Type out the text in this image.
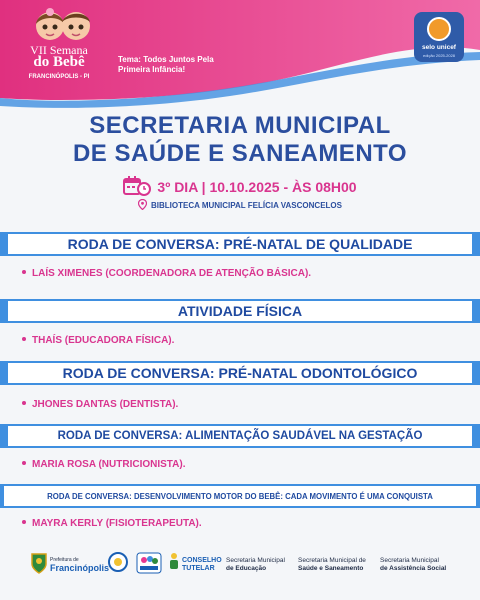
VII Semana
do Bebê
FRANCINÓPOLIS - PI
Tema: Todos Juntos Pela
Primeira Infância!
selo unicef
edição 2025-2028
SECRETARIA MUNICIPAL
DE SAÚDE E SANEAMENTO
3º DIA | 10.10.2025 - ÀS 08H00
BIBLIOTECA MUNICIPAL FELÍCIA VASCONCELOS
RODA DE CONVERSA: PRÉ-NATAL DE QUALIDADE
LAÍS XIMENES (COORDENADORA DE ATENÇÃO BÁSICA).
ATIVIDADE FÍSICA
THAÍS (EDUCADORA FÍSICA).
RODA DE CONVERSA: PRÉ-NATAL ODONTOLÓGICO
JHONES DANTAS (DENTISTA).
RODA DE CONVERSA: ALIMENTAÇÃO SAUDÁVEL NA GESTAÇÃO
MARIA ROSA (NUTRICIONISTA).
RODA DE CONVERSA: DESENVOLVIMENTO MOTOR DO BEBÊ: CADA MOVIMENTO É UMA CONQUISTA
MAYRA KERLY (FISIOTERAPEUTA).
Prefeitura de
Francinópolis
CONSELHO
TUTELAR
Secretaria Municipal
de Educação
Secretaria Municipal de
Saúde e Saneamento
Secretaria Municipal
de Assistência Social
